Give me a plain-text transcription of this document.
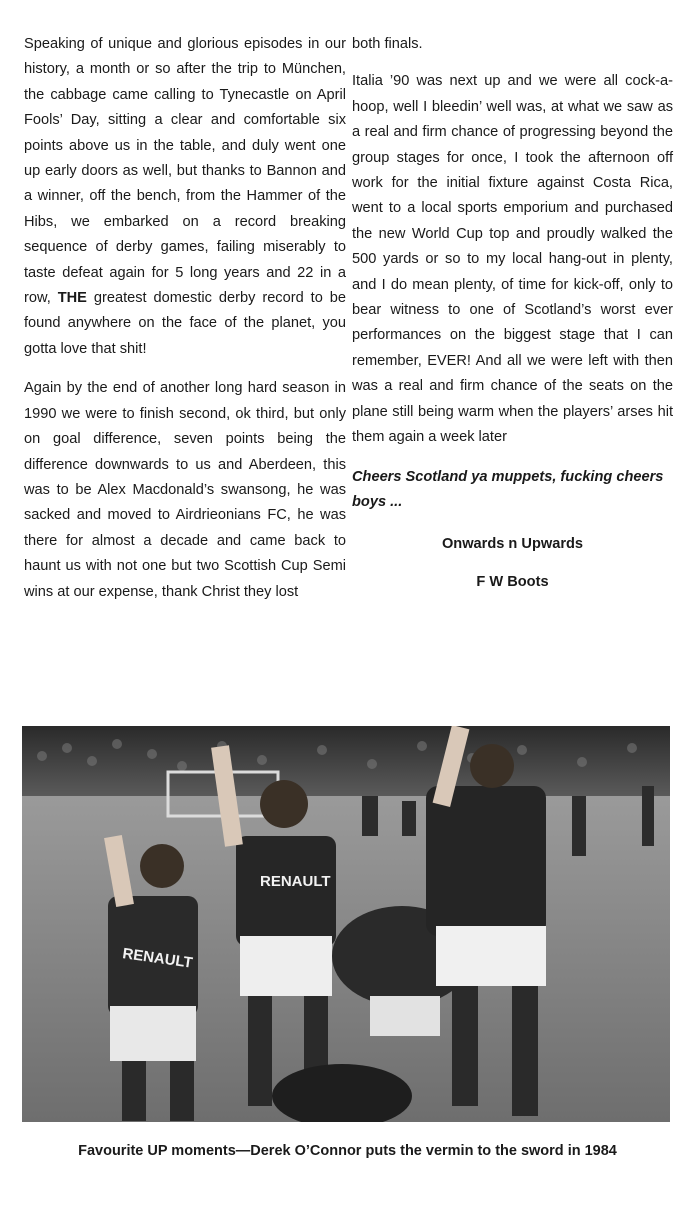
Speaking of unique and glorious episodes in our history, a month or so after the trip to München, the cabbage came calling to Tynecastle on April Fools’ Day, sitting a clear and comfortable six points above us in the table, and duly went one up early doors as well, but thanks to Bannon and a winner, off the bench, from the Hammer of the Hibs, we embarked on a record breaking sequence of derby games, failing miserably to taste defeat again for 5 long years and 22 in a row, THE greatest domestic derby record to be found anywhere on the face of the planet, you gotta love that shit!

Again by the end of another long hard season in 1990 we were to finish second, ok third, but only on goal difference, seven points being the difference downwards to us and Aberdeen, this was to be Alex Macdonald’s swansong, he was sacked and moved to Airdrieonians FC, he was there for almost a decade and came back to haunt us with not one but two Scottish Cup Semi wins at our expense, thank Christ they lost

both finals.

Italia ’90 was next up and we were all cock-a-hoop, well I bleedin’ well was, at what we saw as a real and firm chance of progressing beyond the group stages for once, I took the afternoon off work for the initial fixture against Costa Rica, went to a local sports emporium and purchased the new World Cup top and proudly walked the 500 yards or so to my local hang-out in plenty, and I do mean plenty, of time for kick-off, only to bear witness to one of Scotland’s worst ever performances on the biggest stage that I can remember, EVER! And all we were left with then was a real and firm chance of the seats on the plane still being warm when the players’ arses hit them again a week later

Cheers Scotland ya muppets, fucking cheers boys ...

Onwards n Upwards

F W Boots

RENAULT
RENAULT
Favourite UP moments—Derek O’Connor puts the vermin to the sword in 1984
